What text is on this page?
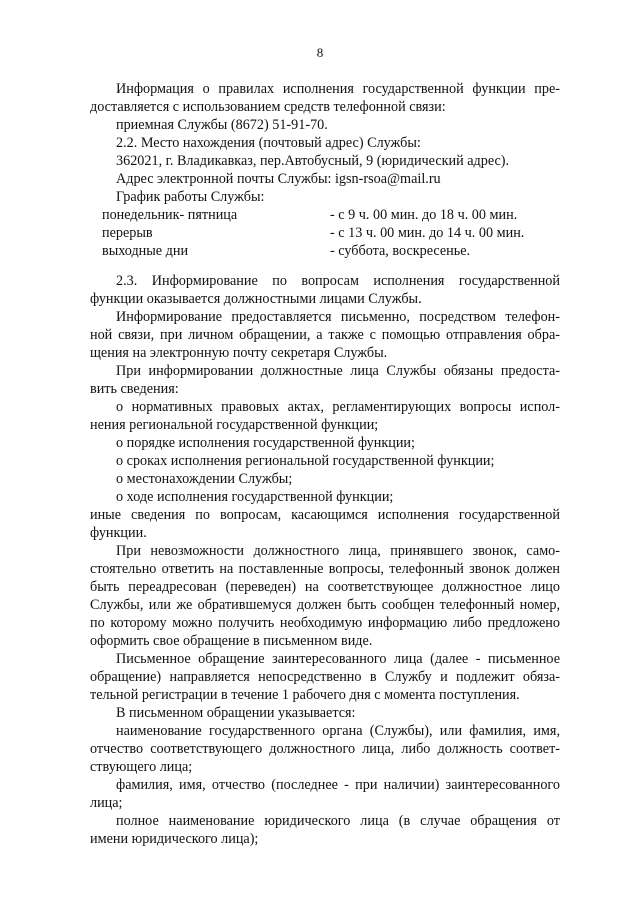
8
Информация о правилах исполнения государственной функции пре-
доставляется с использованием средств телефонной связи:
приемная Службы (8672) 51-91-70.
2.2. Место нахождения (почтовый адрес) Службы:
362021, г. Владикавказ, пер.Автобусный, 9 (юридический адрес).
Адрес электронной почты Службы: igsn-rsoa@mail.ru
График работы Службы:
понедельник- пятница	- с 9 ч. 00 мин. до 18 ч. 00 мин.
перерыв	- с 13 ч. 00 мин. до 14 ч. 00 мин.
выходные дни	- суббота, воскресенье.
2.3. Информирование по вопросам исполнения государственной
функции оказывается должностными лицами Службы.
Информирование предоставляется письменно, посредством телефон-
ной связи, при личном обращении, а также с помощью отправления обра-
щения на электронную почту секретаря Службы.
При информировании должностные лица Службы обязаны предоста-
вить сведения:
о нормативных правовых актах, регламентирующих вопросы испол-
нения региональной государственной функции;
о порядке исполнения государственной функции;
о сроках исполнения региональной государственной функции;
о местонахождении Службы;
о ходе исполнения государственной функции;
иные сведения по вопросам, касающимся исполнения государственной
функции.
При невозможности должностного лица, принявшего звонок, само-
стоятельно ответить на поставленные вопросы, телефонный звонок должен
быть переадресован (переведен) на соответствующее должностное лицо
Службы, или же обратившемуся должен быть сообщен телефонный номер,
по которому можно получить необходимую информацию либо предложено
оформить свое обращение в письменном виде.
Письменное обращение заинтересованного лица (далее - письменное
обращение) направляется непосредственно в Службу и подлежит обяза-
тельной регистрации в течение 1 рабочего дня с момента поступления.
В письменном обращении указывается:
наименование государственного органа (Службы), или фамилия, имя,
отчество соответствующего должностного лица, либо должность соответ-
ствующего лица;
фамилия, имя, отчество (последнее - при наличии) заинтересованного
лица;
полное наименование юридического лица (в случае обращения от
имени юридического лица);
